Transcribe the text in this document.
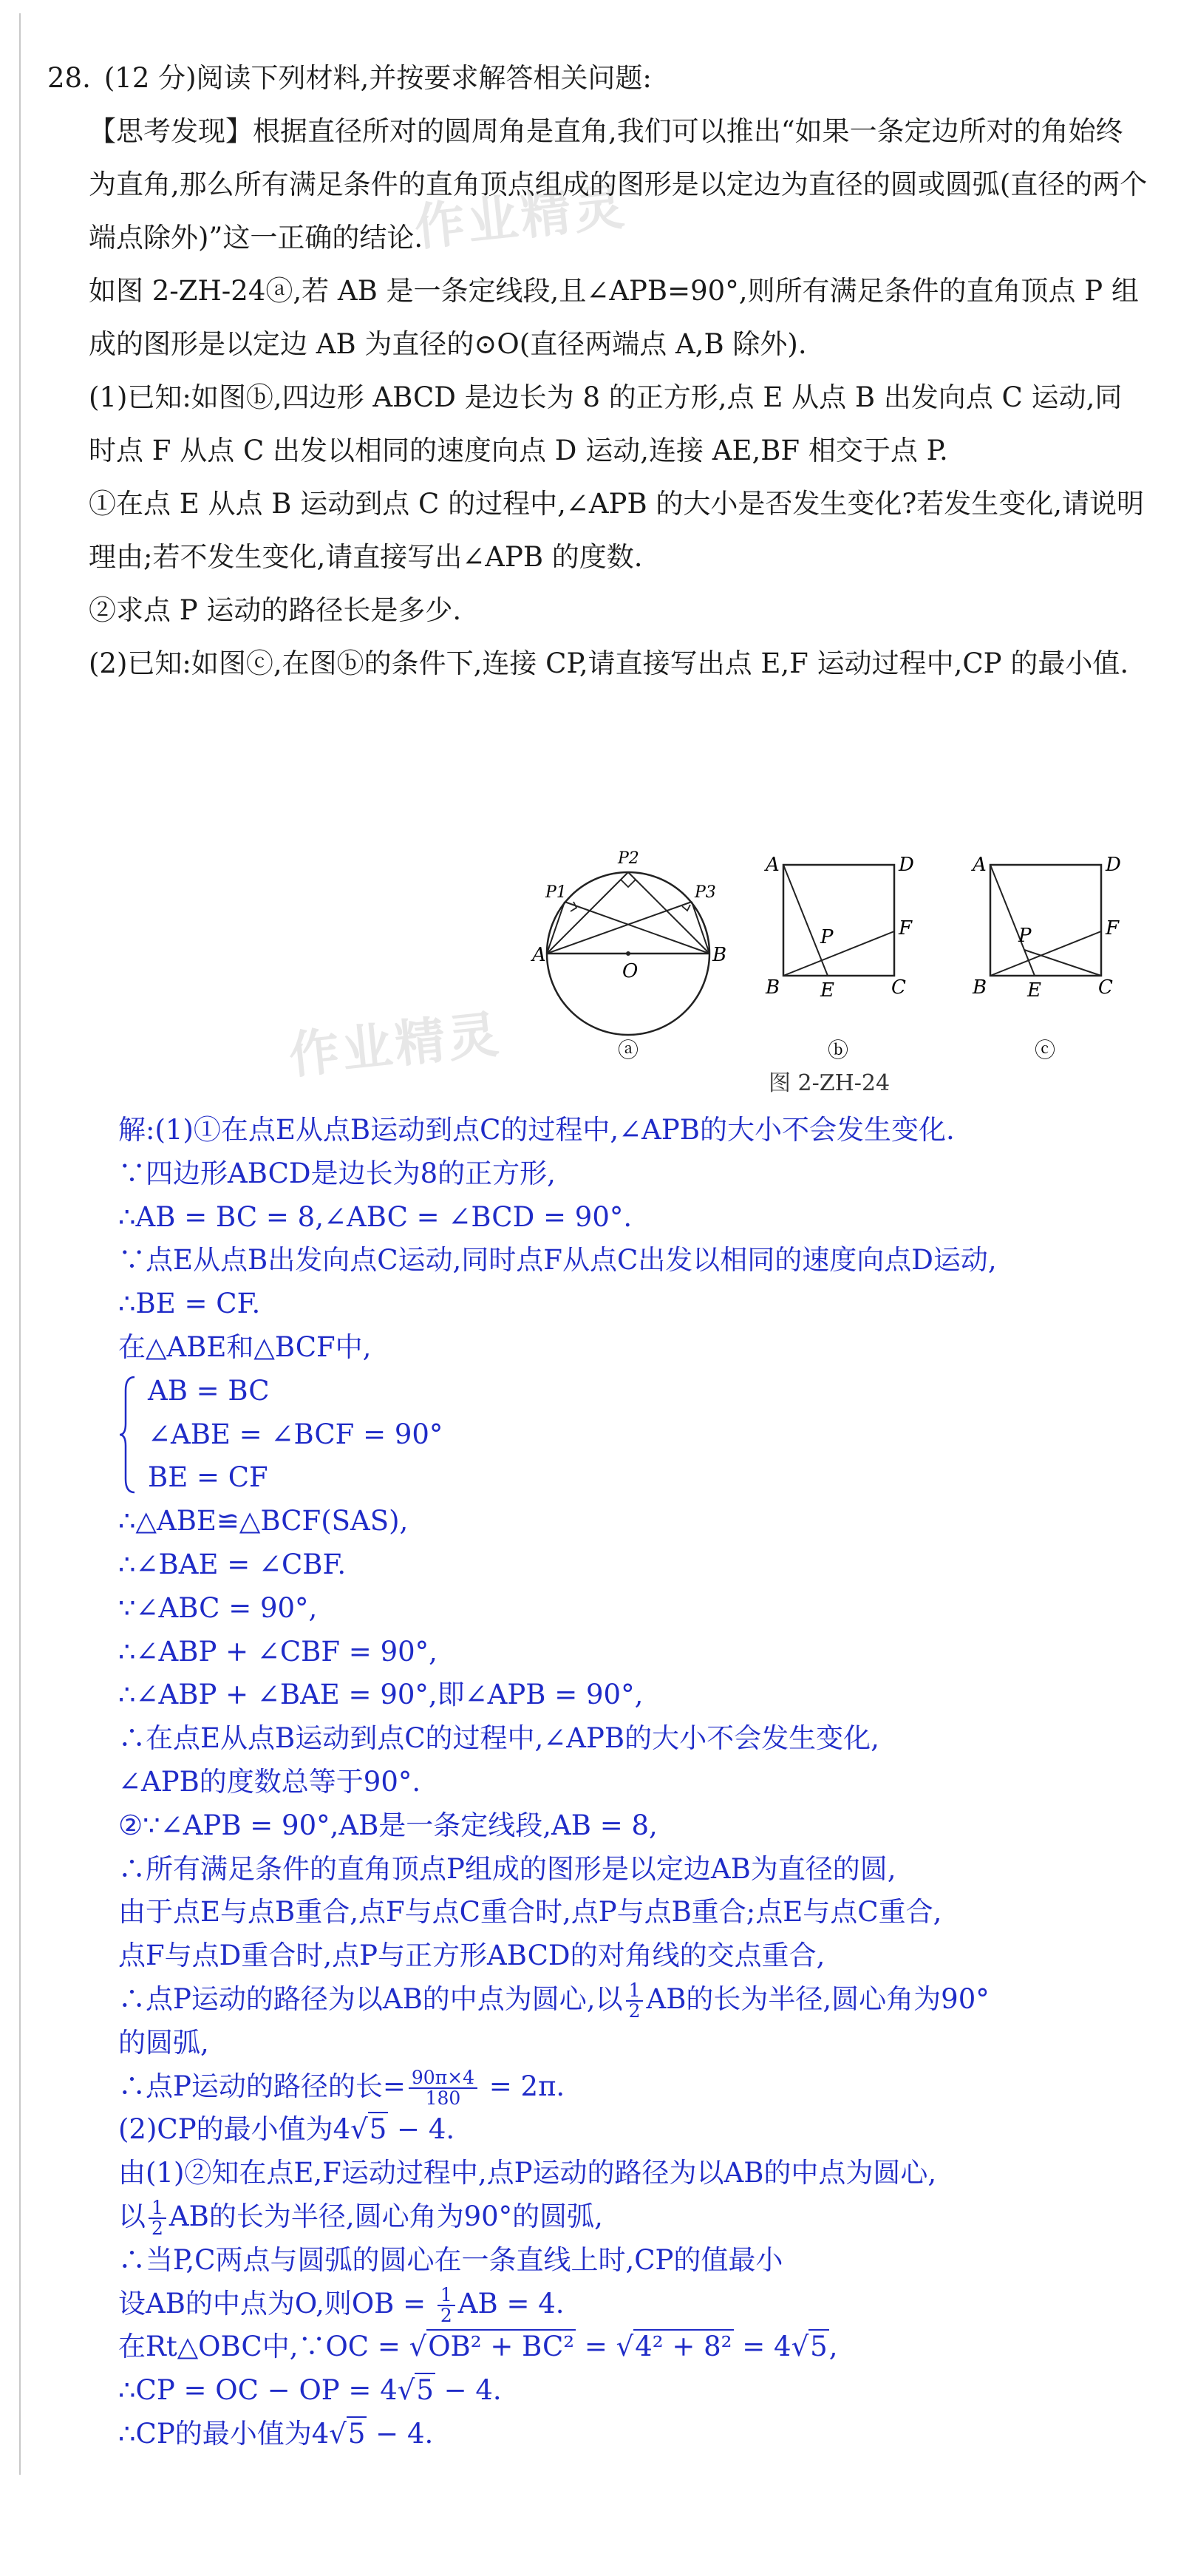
作业精灵
作业精灵

28. (12 分)阅读下列材料,并按要求解答相关问题:

【思考发现】根据直径所对的圆周角是直角,我们可以推出“如果一条定边所对的角始终为直角,那么所有满足条件的直角顶点组成的图形是以定边为直径的圆或圆弧(直径的两个端点除外)”这一正确的结论.

如图 2-ZH-24ⓐ,若 AB 是一条定线段,且∠APB=90°,则所有满足条件的直角顶点 P 组成的图形是以定边 AB 为直径的⊙O(直径两端点 A,B 除外).

(1)已知:如图ⓑ,四边形 ABCD 是边长为 8 的正方形,点 E 从点 B 出发向点 C 运动,同时点 F 从点 C 出发以相同的速度向点 D 运动,连接 AE,BF 相交于点 P.

①在点 E 从点 B 运动到点 C 的过程中,∠APB 的大小是否发生变化?若发生变化,请说明理由;若不发生变化,请直接写出∠APB 的度数.

②求点 P 运动的路径长是多少.

(2)已知:如图ⓒ,在图ⓑ的条件下,连接 CP,请直接写出点 E,F 运动过程中,CP 的最小值.

A	B
O
P1
P2
P3
ⓐ
A	D
F
P
B E	C
ⓑ
A	D
F
P
B E	C
ⓒ
图 2-ZH-24

解:(1)①在点E从点B运动到点C的过程中,∠APB的大小不会发生变化.

∵四边形ABCD是边长为8的正方形,

∴AB = BC = 8,∠ABC = ∠BCD = 90°.

∵点E从点B出发向点C运动,同时点F从点C出发以相同的速度向点D运动,

∴BE = CF.

在△ABE和△BCF中,

AB = BC

∠ABE = ∠BCF = 90°

BE = CF

∴△ABE≌△BCF(SAS),

∴∠BAE = ∠CBF.

∵∠ABC = 90°,

∴∠ABP + ∠CBF = 90°,

∴∠ABP + ∠BAE = 90°,即∠APB = 90°,

∴在点E从点B运动到点C的过程中,∠APB的大小不会发生变化,

∠APB的度数总等于90°.

②∵∠APB = 90°,AB是一条定线段,AB = 8,

∴所有满足条件的直角顶点P组成的图形是以定边AB为直径的圆,

由于点E与点B重合,点F与点C重合时,点P与点B重合;点E与点C重合,

点F与点D重合时,点P与正方形ABCD的对角线的交点重合,

∴点P运动的路径为以AB的中点为圆心,以 $\frac{1}{2}$ AB的长为半径,圆心角为90°

的圆弧,

∴点P运动的路径的长= $\frac{90\pi\times 4}{180} = 2\pi$.

(2)CP的最小值为4√5 − 4.

由(1)②知在点E,F运动过程中,点P运动的路径为以AB的中点为圆心,

以 $\frac{1}{2}$ AB的长为半径,圆心角为90°的圆弧,

∴当P,C两点与圆弧的圆心在一条直线上时,CP的值最小

设AB的中点为O,则OB = $\frac{1}{2}$ AB = 4.

在Rt△OBC中,∵OC = √OB² + BC² = √4² + 8² = 4√5,

∴CP = OC − OP = 4√5 − 4.

∴CP的最小值为4√5 − 4.
